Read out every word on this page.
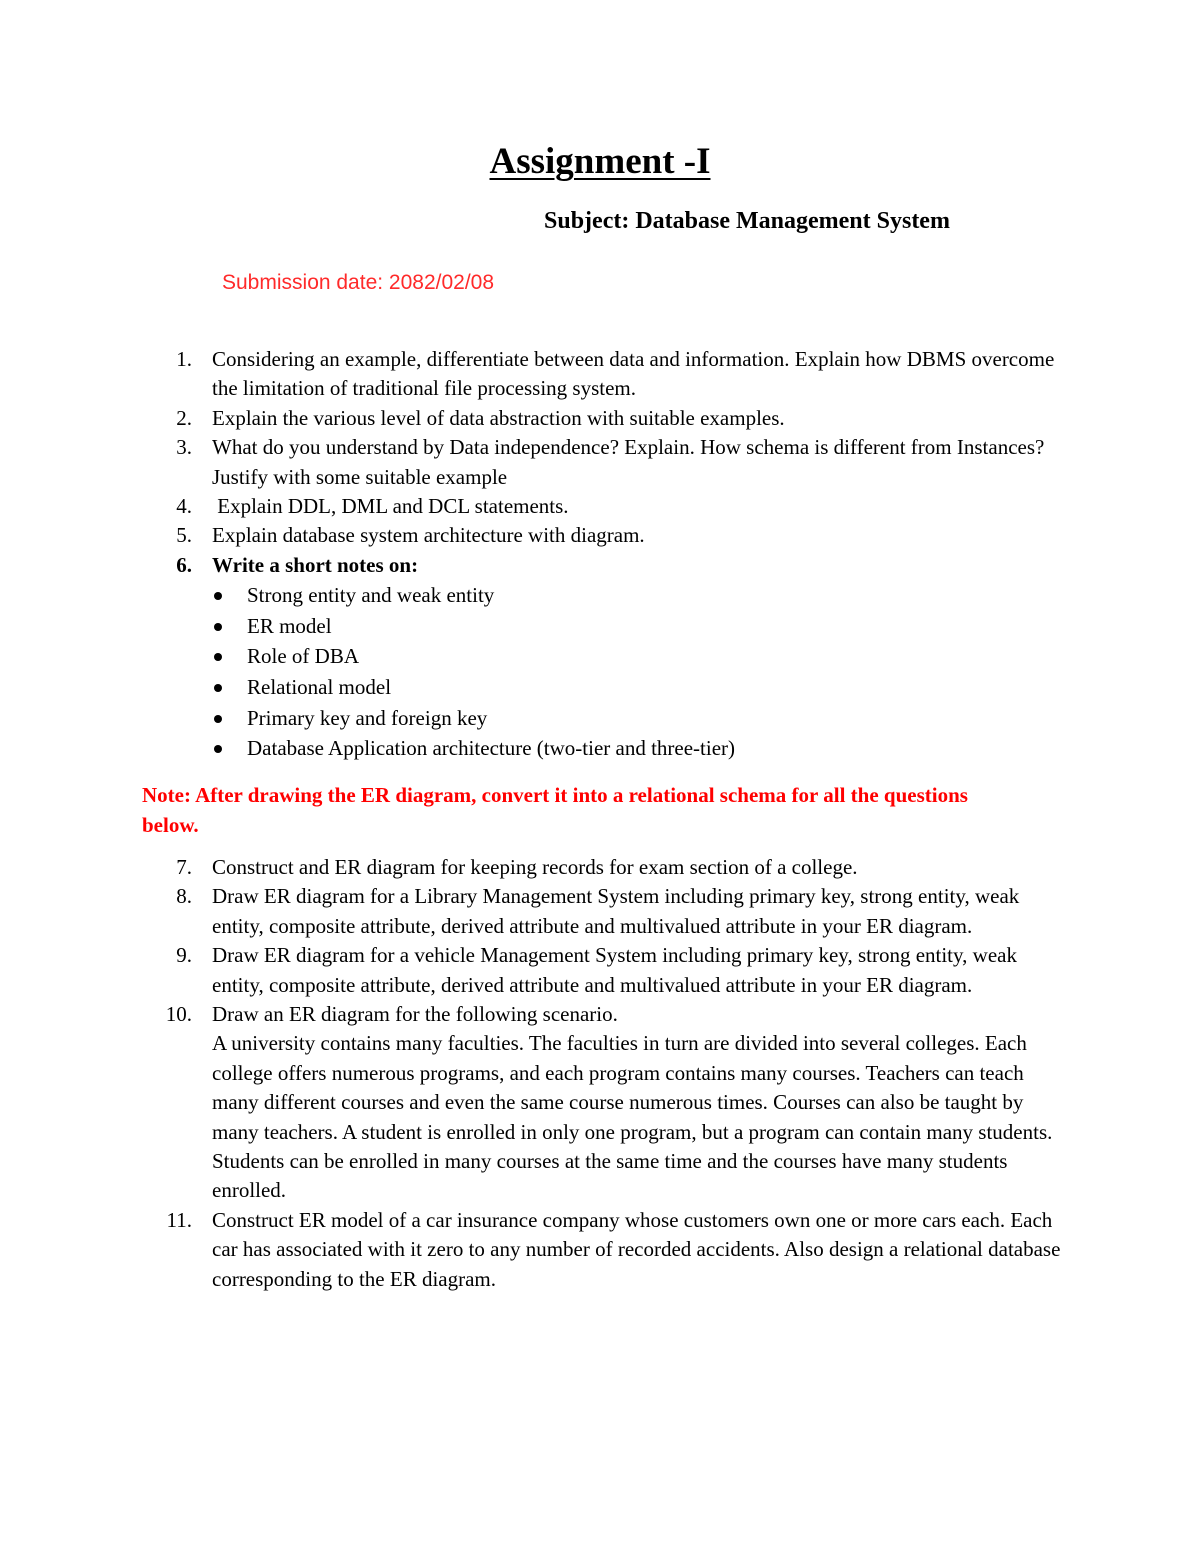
Assignment -I
Subject: Database Management System
Submission date: 2082/02/08
1. Considering an example, differentiate between data and information. Explain how DBMS overcome the limitation of traditional file processing system.
2. Explain the various level of data abstraction with suitable examples.
3. What do you understand by Data independence? Explain. How schema is different from Instances? Justify with some suitable example
4. Explain DDL, DML and DCL statements.
5. Explain database system architecture with diagram.
6. Write a short notes on:
Strong entity and weak entity
ER model
Role of DBA
Relational model
Primary key and foreign key
Database Application architecture (two-tier and three-tier)
Note: After drawing the ER diagram, convert it into a relational schema for all the questions below.
7. Construct and ER diagram for keeping records for exam section of a college.
8. Draw ER diagram for a Library Management System including primary key, strong entity, weak entity, composite attribute, derived attribute and multivalued attribute in your ER diagram.
9. Draw ER diagram for a vehicle Management System including primary key, strong entity, weak entity, composite attribute, derived attribute and multivalued attribute in your ER diagram.
10. Draw an ER diagram for the following scenario.
A university contains many faculties. The faculties in turn are divided into several colleges. Each college offers numerous programs, and each program contains many courses. Teachers can teach many different courses and even the same course numerous times. Courses can also be taught by many teachers. A student is enrolled in only one program, but a program can contain many students. Students can be enrolled in many courses at the same time and the courses have many students enrolled.
11. Construct ER model of a car insurance company whose customers own one or more cars each. Each car has associated with it zero to any number of recorded accidents. Also design a relational database corresponding to the ER diagram.
